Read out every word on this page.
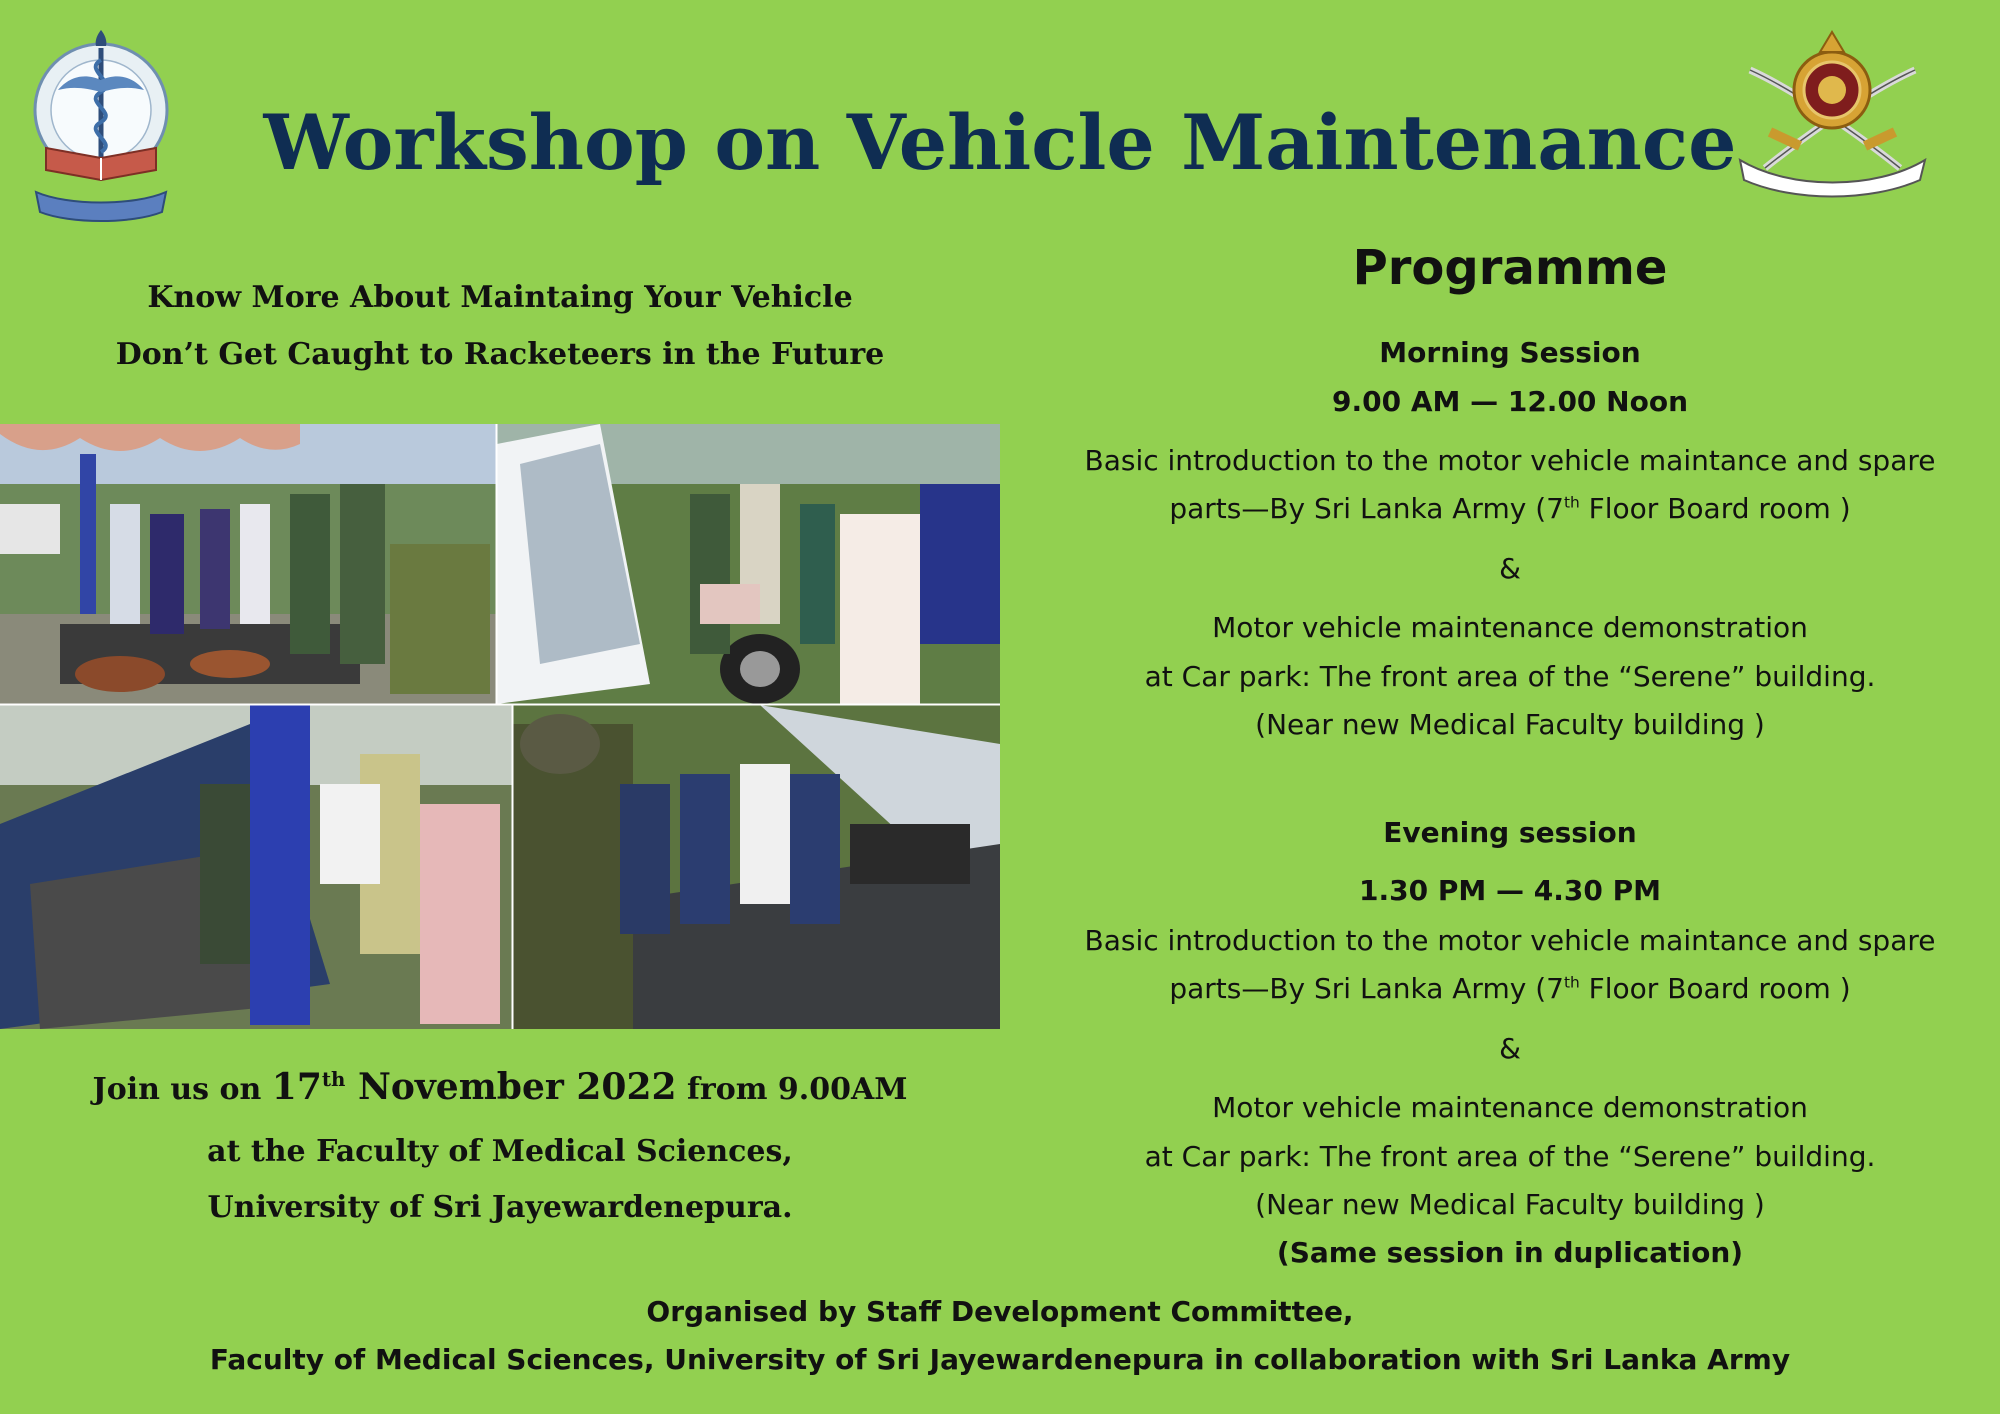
Workshop on Vehicle Maintenance
Know More About Maintaing Your Vehicle
Don’t Get Caught to Racketeers in the Future
Join us on 17th November 2022 from 9.00AM
at the Faculty of Medical Sciences,
University of Sri Jayewardenepura.
Programme
Morning Session
9.00 AM — 12.00 Noon
Basic introduction to the motor vehicle maintance and spare
parts—By Sri Lanka Army (7th Floor Board room )
&
Motor vehicle maintenance demonstration
at Car park: The front area of the “Serene” building.
(Near new Medical Faculty building )
Evening session
1.30 PM — 4.30 PM
Basic introduction to the motor vehicle maintance and spare
parts—By Sri Lanka Army (7th Floor Board room )
&
Motor vehicle maintenance demonstration
at Car park: The front area of the “Serene” building.
(Near new Medical Faculty building )
(Same session in duplication)
Organised by Staff Development Committee,
Faculty of Medical Sciences, University of Sri Jayewardenepura in collaboration with Sri Lanka Army
